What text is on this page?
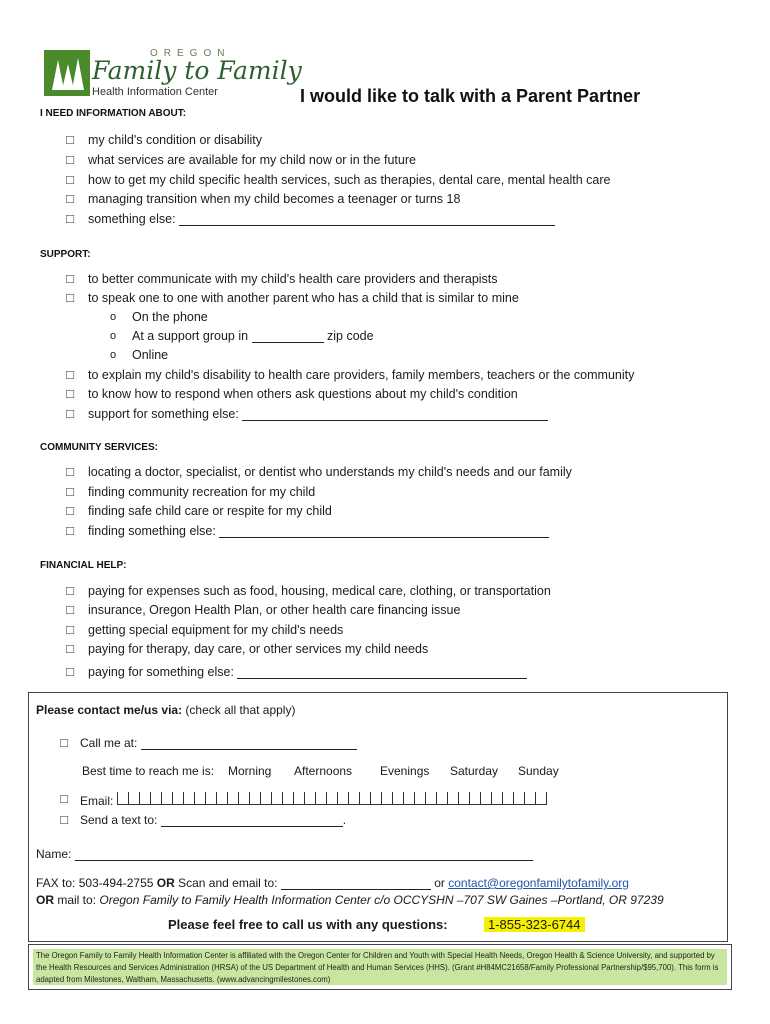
OREGON
Family to Family
Health Information Center	I would like to talk with a Parent Partner
I NEED INFORMATION ABOUT:
☐ my child's condition or disability
☐ what services are available for my child now or in the future
☐ how to get my child specific health services, such as therapies, dental care, mental health care
☐ managing transition when my child becomes a teenager or turns 18
☐ something else:
SUPPORT:
☐ to better communicate with my child's health care providers and therapists
☐ to speak one to one with another parent who has a child that is similar to mine
o On the phone
o At a support group in	zip code
o Online
☐ to explain my child's disability to health care providers, family members, teachers or the community
☐ to know how to respond when others ask questions about my child's condition
☐ support for something else:
COMMUNITY SERVICES:
☐ locating a doctor, specialist, or dentist who understands my child's needs and our family
☐ finding community recreation for my child
☐ finding safe child care or respite for my child
☐ finding something else:
FINANCIAL HELP:
☐ paying for expenses such as food, housing, medical care, clothing, or transportation
☐ insurance, Oregon Health Plan, or other health care financing issue
☐ getting special equipment for my child's needs
☐ paying for therapy, day care, or other services my child needs
☐ paying for something else:
Please contact me/us via: (check all that apply)
☐ Call me at:
Best time to reach me is: Morning Afternoons Evenings Saturday Sunday
☐ Email:
☐ Send a text to:	.
Name:
FAX to: 503-494-2755 OR Scan and email to:	or contact@oregonfamilytofamily.org
OR mail to: Oregon Family to Family Health Information Center c/o OCCYSHN –707 SW Gaines –Portland, OR 97239
Please feel free to call us with any questions:	1-855-323-6744
The Oregon Family to Family Health Information Center is affiliated with the Oregon Center for Children and Youth with Special Health Needs, Oregon Health & Science University, and supported by the Health Resources and Services Administration (HRSA) of the US Department of Health and Human Services (HHS). (Grant #H84MC21658/Family Professional Partnership/$95,700). This form is adapted from Milestones, Waltham, Massachusetts. (www.advancingmilestones.com)
